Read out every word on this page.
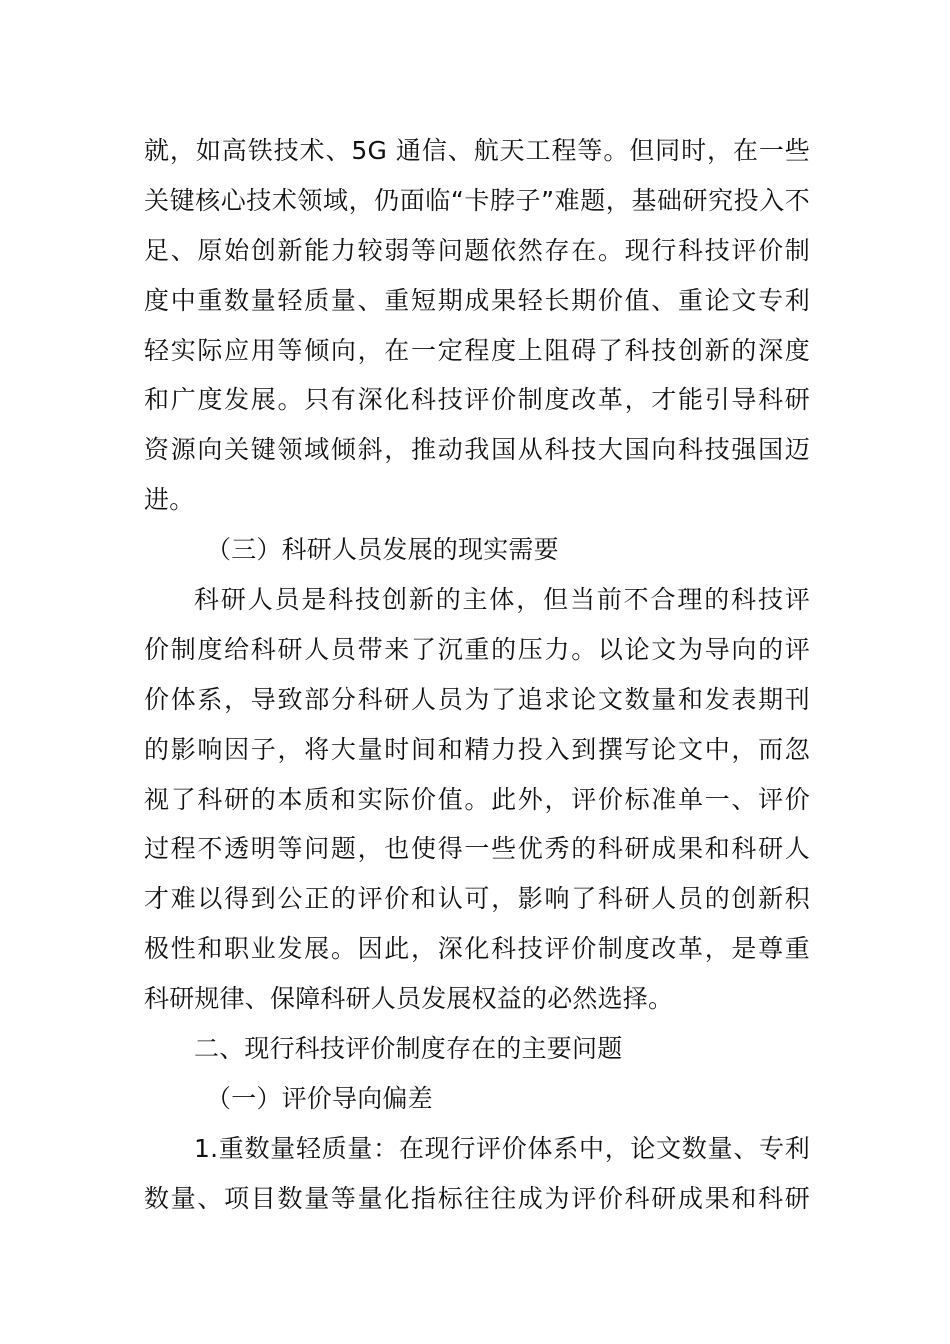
就，如高铁技术、5G 通信、航天工程等。但同时，在一些
关键核心技术领域，仍面临“卡脖子”难题，基础研究投入不
足、原始创新能力较弱等问题依然存在。现行科技评价制
度中重数量轻质量、重短期成果轻长期价值、重论文专利
轻实际应用等倾向，在一定程度上阻碍了科技创新的深度
和广度发展。只有深化科技评价制度改革，才能引导科研
资源向关键领域倾斜，推动我国从科技大国向科技强国迈
进。
（三）科研人员发展的现实需要
科研人员是科技创新的主体，但当前不合理的科技评
价制度给科研人员带来了沉重的压力。以论文为导向的评
价体系，导致部分科研人员为了追求论文数量和发表期刊
的影响因子，将大量时间和精力投入到撰写论文中，而忽
视了科研的本质和实际价值。此外，评价标准单一、评价
过程不透明等问题，也使得一些优秀的科研成果和科研人
才难以得到公正的评价和认可，影响了科研人员的创新积
极性和职业发展。因此，深化科技评价制度改革，是尊重
科研规律、保障科研人员发展权益的必然选择。
二、现行科技评价制度存在的主要问题
（一）评价导向偏差
1.重数量轻质量：在现行评价体系中，论文数量、专利
数量、项目数量等量化指标往往成为评价科研成果和科研
